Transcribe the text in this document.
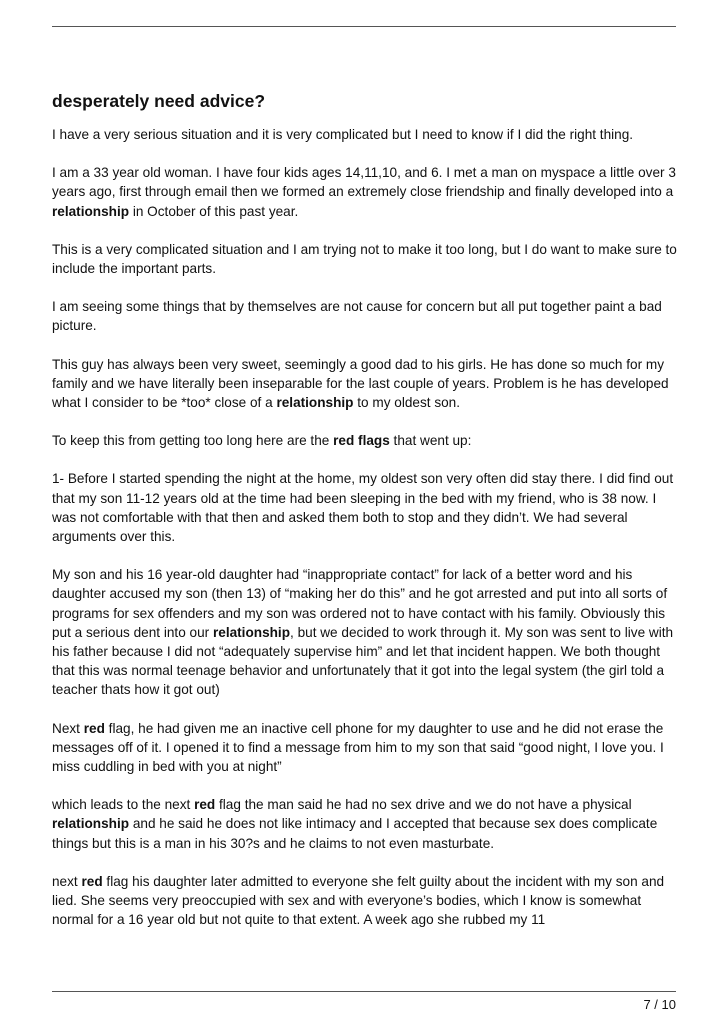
desperately need advice?

I have a very serious situation and it is very complicated but I need to know if I did the right thing.

I am a 33 year old woman. I have four kids ages 14,11,10, and 6. I met a man on myspace a little over 3 years ago, first through email then we formed an extremely close friendship and finally developed into a relationship in October of this past year.

This is a very complicated situation and I am trying not to make it too long, but I do want to make sure to include the important parts.

I am seeing some things that by themselves are not cause for concern but all put together paint a bad picture.

This guy has always been very sweet, seemingly a good dad to his girls. He has done so much for my family and we have literally been inseparable for the last couple of years. Problem is he has developed what I consider to be *too* close of a relationship to my oldest son.

To keep this from getting too long here are the red flags that went up:

1- Before I started spending the night at the home, my oldest son very often did stay there. I did find out that my son 11-12 years old at the time had been sleeping in the bed with my friend, who is 38 now. I was not comfortable with that then and asked them both to stop and they didn’t. We had several arguments over this.

My son and his 16 year-old daughter had “inappropriate contact” for lack of a better word and his daughter accused my son (then 13) of “making her do this” and he got arrested and put into all sorts of programs for sex offenders and my son was ordered not to have contact with his family. Obviously this put a serious dent into our relationship, but we decided to work through it. My son was sent to live with his father because I did not “adequately supervise him” and let that incident happen. We both thought that this was normal teenage behavior and unfortunately that it got into the legal system (the girl told a teacher thats how it got out)

Next red flag, he had given me an inactive cell phone for my daughter to use and he did not erase the messages off of it. I opened it to find a message from him to my son that said “good night, I love you. I miss cuddling in bed with you at night”

which leads to the next red flag the man said he had no sex drive and we do not have a physical relationship and he said he does not like intimacy and I accepted that because sex does complicate things but this is a man in his 30?s and he claims to not even masturbate.

next red flag his daughter later admitted to everyone she felt guilty about the incident with my son and lied. She seems very preoccupied with sex and with everyone’s bodies, which I know is somewhat normal for a 16 year old but not quite to that extent. A week ago she rubbed my 11

7 / 10
